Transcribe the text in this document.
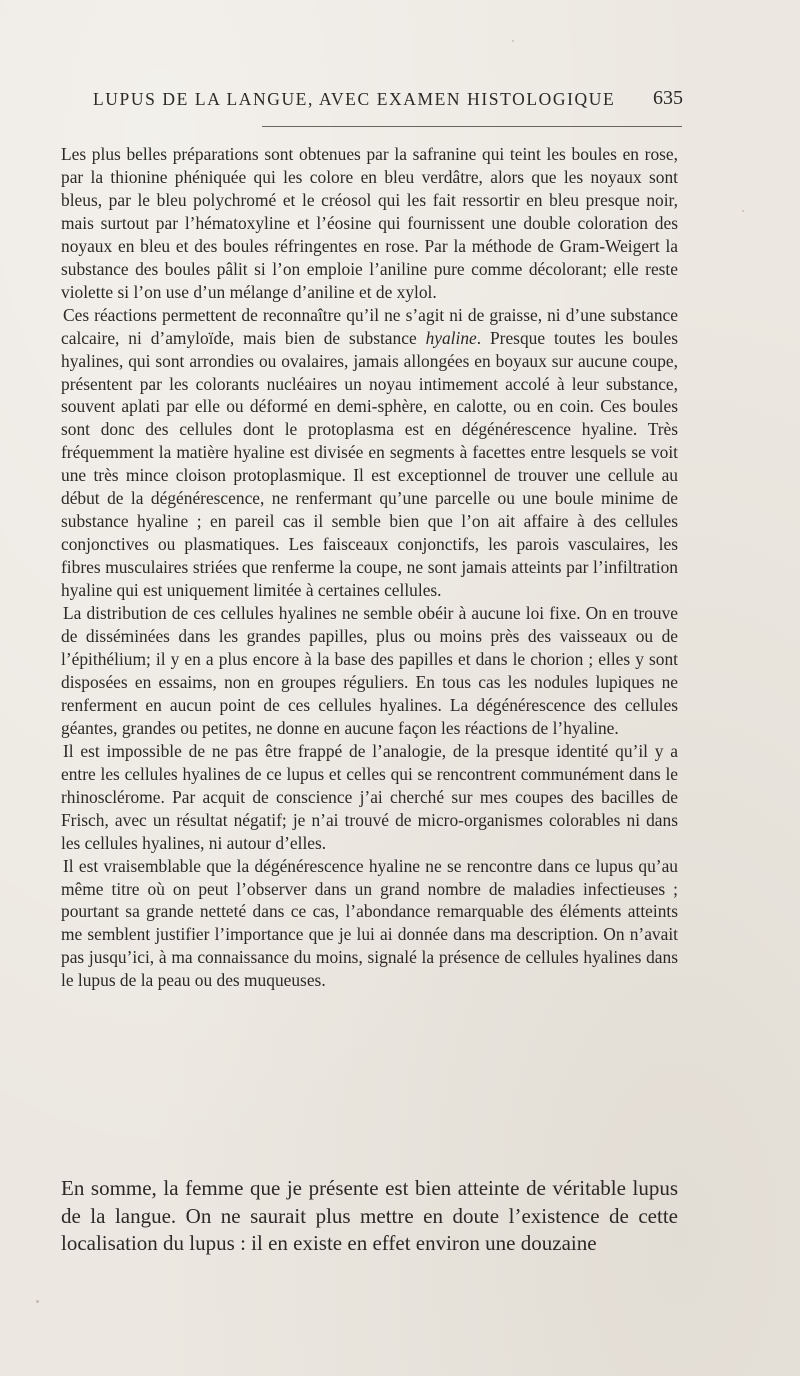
LUPUS DE LA LANGUE, AVEC EXAMEN HISTOLOGIQUE 635

Les plus belles préparations sont obtenues par la safranine qui teint les boules en rose, par la thionine phéniquée qui les colore en bleu verdâtre, alors que les noyaux sont bleus, par le bleu polychromé et le créosol qui les fait ressortir en bleu presque noir, mais surtout par l’hématoxyline et l’éosine qui fournissent une double coloration des noyaux en bleu et des boules réfringentes en rose. Par la méthode de Gram-Weigert la substance des boules pâlit si l’on emploie l’aniline pure comme décolorant; elle reste violette si l’on use d’un mélange d’aniline et de xylol.

Ces réactions permettent de reconnaître qu’il ne s’agit ni de graisse, ni d’une substance calcaire, ni d’amyloïde, mais bien de substance hyaline. Presque toutes les boules hyalines, qui sont arrondies ou ovalaires, jamais allongées en boyaux sur aucune coupe, présentent par les colorants nucléaires un noyau intimement accolé à leur substance, souvent aplati par elle ou déformé en demi-sphère, en calotte, ou en coin. Ces boules sont donc des cellules dont le protoplasma est en dégénérescence hyaline. Très fréquemment la matière hyaline est divisée en segments à facettes entre lesquels se voit une très mince cloison protoplasmique. Il est exceptionnel de trouver une cellule au début de la dégénérescence, ne renfermant qu’une parcelle ou une boule minime de substance hyaline ; en pareil cas il semble bien que l’on ait affaire à des cellules conjonctives ou plasmatiques. Les faisceaux conjonctifs, les parois vasculaires, les fibres musculaires striées que renferme la coupe, ne sont jamais atteints par l’infiltration hyaline qui est uniquement limitée à certaines cellules.

La distribution de ces cellules hyalines ne semble obéir à aucune loi fixe. On en trouve de disséminées dans les grandes papilles, plus ou moins près des vaisseaux ou de l’épithélium; il y en a plus encore à la base des papilles et dans le chorion ; elles y sont disposées en essaims, non en groupes réguliers. En tous cas les nodules lupiques ne renferment en aucun point de ces cellules hyalines. La dégénérescence des cellules géantes, grandes ou petites, ne donne en aucune façon les réactions de l’hyaline.

Il est impossible de ne pas être frappé de l’analogie, de la presque identité qu’il y a entre les cellules hyalines de ce lupus et celles qui se rencontrent communément dans le rhinosclérome. Par acquit de conscience j’ai cherché sur mes coupes des bacilles de Frisch, avec un résultat négatif; je n’ai trouvé de micro-organismes colorables ni dans les cellules hyalines, ni autour d’elles.

Il est vraisemblable que la dégénérescence hyaline ne se rencontre dans ce lupus qu’au même titre où on peut l’observer dans un grand nombre de maladies infectieuses ; pourtant sa grande netteté dans ce cas, l’abondance remarquable des éléments atteints me semblent justifier l’importance que je lui ai donnée dans ma description. On n’avait pas jusqu’ici, à ma connaissance du moins, signalé la présence de cellules hyalines dans le lupus de la peau ou des muqueuses.

En somme, la femme que je présente est bien atteinte de véritable lupus de la langue. On ne saurait plus mettre en doute l’existence de cette localisation du lupus : il en existe en effet environ une douzaine
